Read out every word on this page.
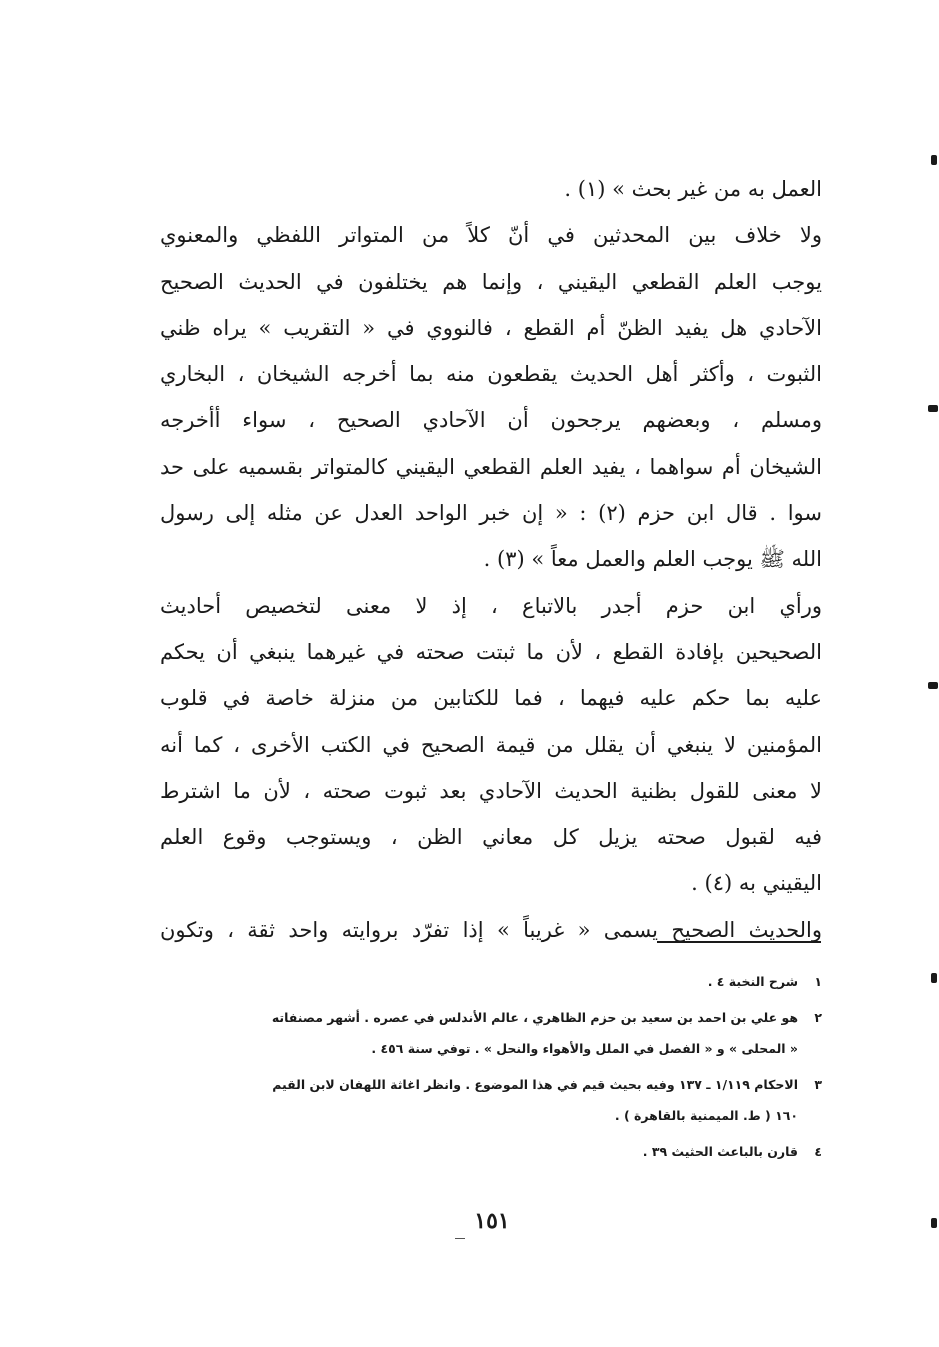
العمل به من غير بحث » (١) .
ولا خلاف بين المحدثين في أنّ كلاً من المتواتر اللفظي والمعنوي
يوجب العلم القطعي اليقيني ، وإنما هم يختلفون في الحديث الصحيح
الآحادي هل يفيد الظنّ أم القطع ، فالنووي في « التقريب » يراه ظني
الثبوت ، وأكثر أهل الحديث يقطعون منه بما أخرجه الشيخان ، البخاري
ومسلم ، وبعضهم يرجحون أن الآحادي الصحيح ، سواء أأخرجه
الشيخان أم سواهما ، يفيد العلم القطعي اليقيني كالمتواتر بقسميه على حد
سوا . قال ابن حزم (٢) : « إن خبر الواحد العدل عن مثله إلى رسول
الله ﷺ يوجب العلم والعمل معاً » (٣) .
ورأي ابن حزم أجدر بالاتباع ، إذ لا معنى لتخصيص أحاديث
الصحيحين بإفادة القطع ، لأن ما ثبتت صحته في غيرهما ينبغي أن يحكم
عليه بما حكم عليه فيهما ، فما للكتابين من منزلة خاصة في قلوب
المؤمنين لا ينبغي أن يقلل من قيمة الصحيح في الكتب الأخرى ، كما أنه
لا معنى للقول بظنية الحديث الآحادي بعد ثبوت صحته ، لأن ما اشترط
فيه لقبول صحته يزيل كل معاني الظن ، ويستوجب وقوع العلم
اليقيني به (٤) .
والحديث الصحيح يسمى « غريباً » إذا تفرّد بروايته واحد ثقة ، وتكون
١
شرح النخبة ٤ .
٢
هو علي بن احمد بن سعيد بن حزم الظاهري ، عالم الأندلس في عصره . أشهر مصنفاته
« المحلى » و « الفصل في الملل والأهواء والنحل » . توفي سنة ٤٥٦ .
٣
الاحكام ١/١١٩ ـ ١٣٧ وفيه بحيث قيم في هذا الموضوع . وانظر اغاثة اللهفان لابن القيم
١٦٠ ( ط. الميمنية بالقاهرة ) .
٤
قارن بالباعث الحثيث ٣٩ .
١٥١
